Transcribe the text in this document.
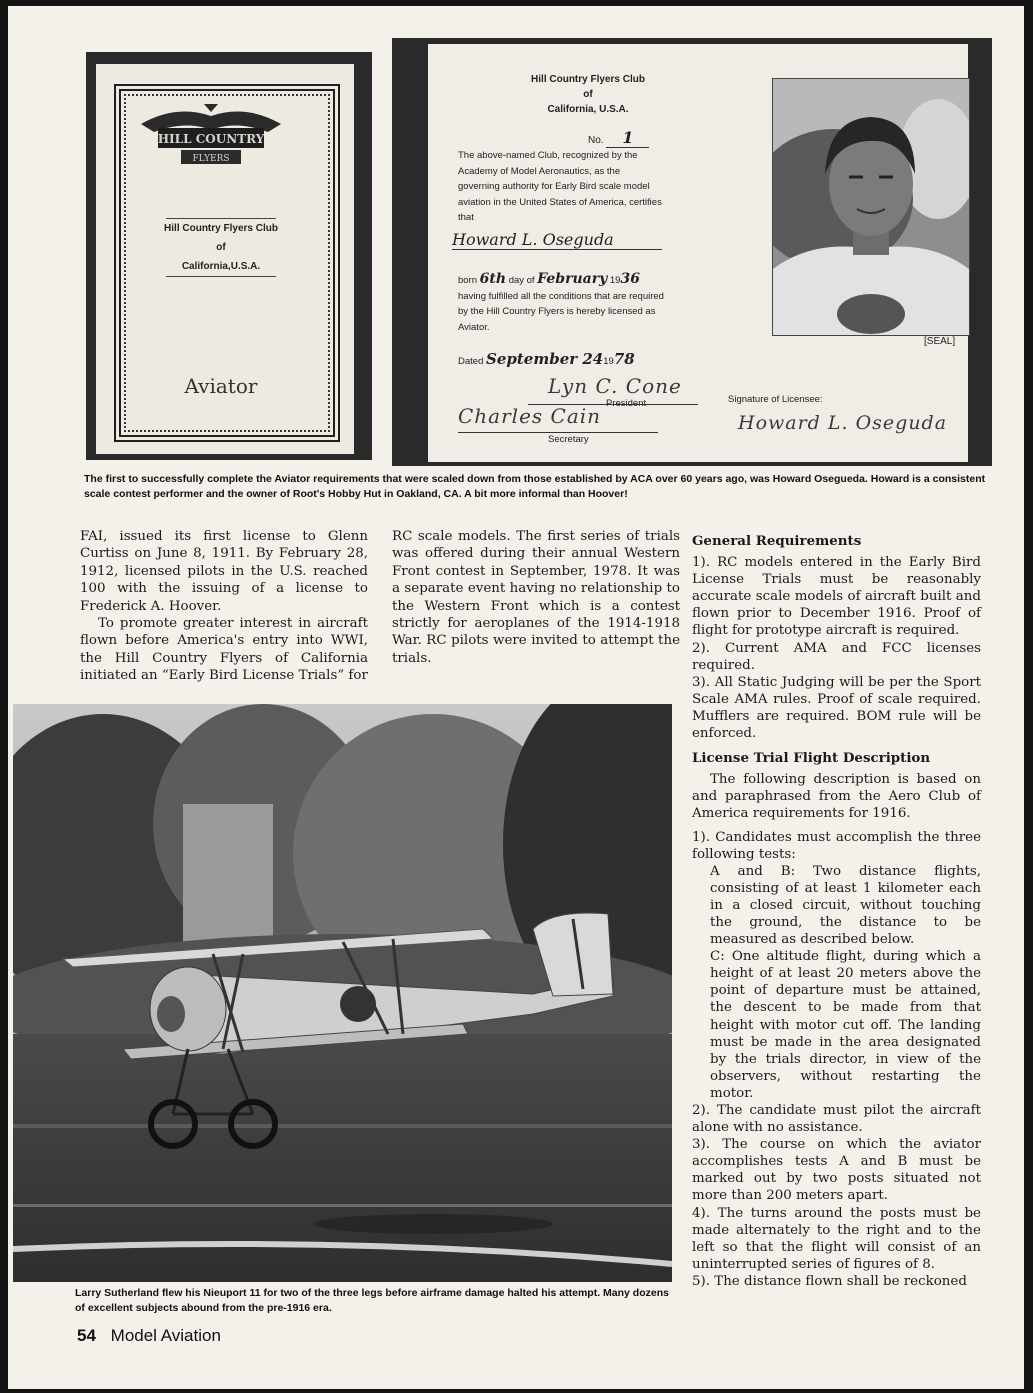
HILL COUNTRY
FLYERS
Hill Country Flyers Club
of
California,U.S.A.
Aviator
Hill Country Flyers Club
of
California, U.S.A.
No. 1
The above-named Club, recognized by the Academy of Model Aeronautics, as the governing authority for Early Bird scale model aviation in the United States of America, certifies that
Howard L. Oseguda
born 6th day of February 1936
having fulfilled all the conditions that are required by the Hill Country Flyers is hereby licensed as Aviator.
Dated September 241978
Lyn C. Cone
President
Charles Cain
Secretary
Signature of Licensee:
Howard L. Oseguda
[SEAL]
The first to successfully complete the Aviator requirements that were scaled down from those established by ACA over 60 years ago, was Howard Osegueda. Howard is a consistent scale contest performer and the owner of Root's Hobby Hut in Oakland, CA. A bit more informal than Hoover!

FAI, issued its first license to Glenn Curtiss on June 8, 1911. By February 28, 1912, licensed pilots in the U.S. reached 100 with the issuing of a license to Frederick A. Hoover.

To promote greater interest in aircraft flown before America's entry into WWI, the Hill Country Flyers of California initiated an “Early Bird License Trials” for

RC scale models. The first series of trials was offered during their annual Western Front contest in September, 1978. It was a separate event having no relationship to the Western Front which is a contest strictly for aeroplanes of the 1914-1918 War. RC pilots were invited to attempt the trials.

General Requirements

1). RC models entered in the Early Bird License Trials must be reasonably accurate scale models of aircraft built and flown prior to December 1916. Proof of flight for prototype aircraft is required.

2). Current AMA and FCC licenses required.

3). All Static Judging will be per the Sport Scale AMA rules. Proof of scale required. Mufflers are required. BOM rule will be enforced.

License Trial Flight Description

The following description is based on and paraphrased from the Aero Club of America requirements for 1916.

1). Candidates must accomplish the three following tests:

A and B: Two distance flights, consisting of at least 1 kilometer each in a closed circuit, without touching the ground, the distance to be measured as described below.

C: One altitude flight, during which a height of at least 20 meters above the point of departure must be attained, the descent to be made from that height with motor cut off. The landing must be made in the area designated by the trials director, in view of the observers, without restarting the motor.

2). The candidate must pilot the aircraft alone with no assistance.

3). The course on which the aviator accomplishes tests A and B must be marked out by two posts situated not more than 200 meters apart.

4). The turns around the posts must be made alternately to the right and to the left so that the flight will consist of an uninterrupted series of figures of 8.

5). The distance flown shall be reckoned

Larry Sutherland flew his Nieuport 11 for two of the three legs before airframe damage halted his attempt. Many dozens of excellent subjects abound from the pre-1916 era.
54 Model Aviation
